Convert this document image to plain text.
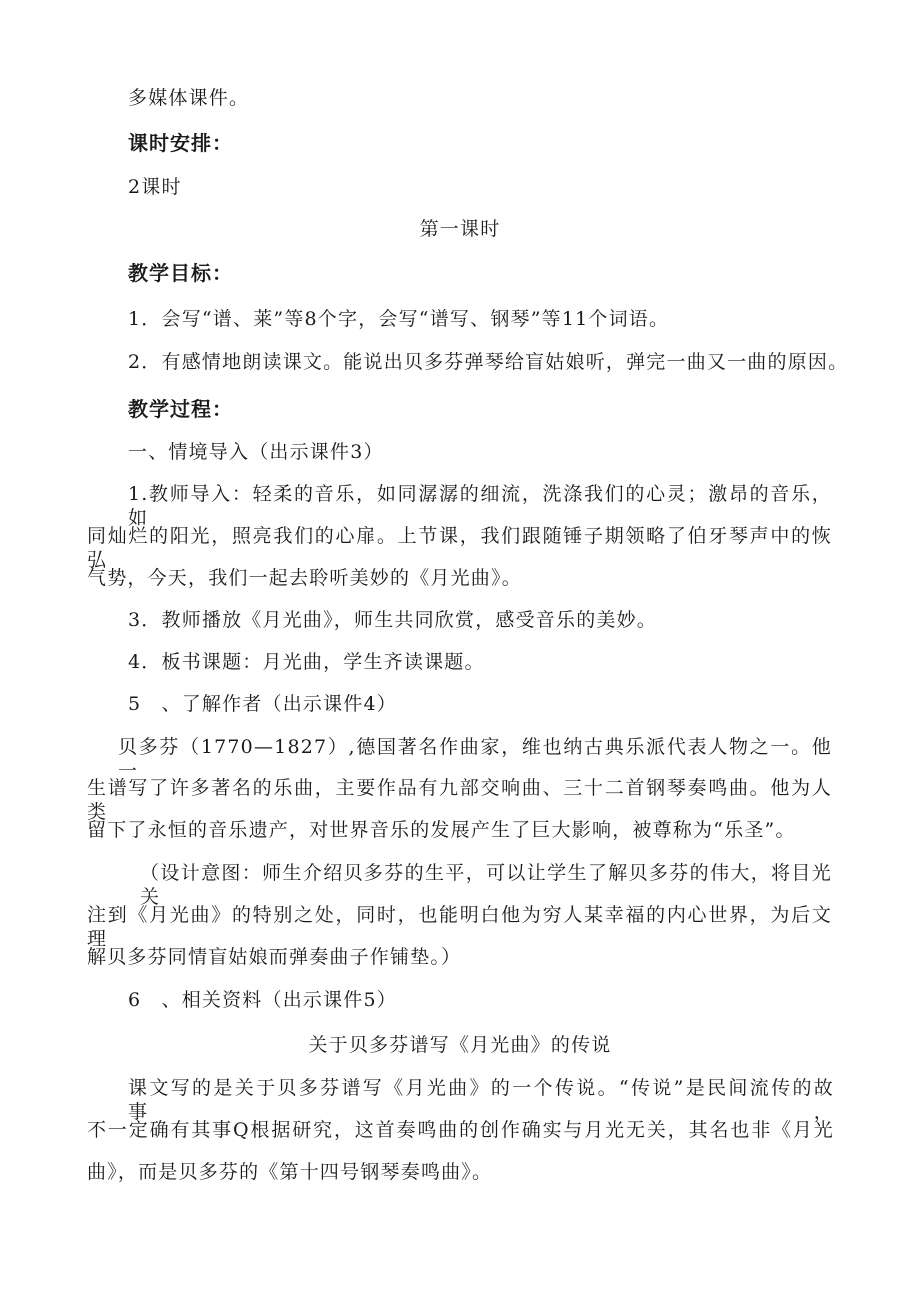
多媒体课件。
课时安排：
2课时
第一课时
教学目标：
1．会写“谱、莱”等8个字，会写“谱写、钢琴”等11个词语。
2．有感情地朗读课文。能说出贝多芬弹琴给盲姑娘听，弹完一曲又一曲的原因。
教学过程：
一、情境导入（出示课件3）
1.教师导入：轻柔的音乐，如同潺潺的细流，洗涤我们的心灵；激昂的音乐，如
同灿烂的阳光，照亮我们的心扉。上节课，我们跟随锤子期领略了伯牙琴声中的恢弘
气势，今天，我们一起去聆听美妙的《月光曲》。
3．教师播放《月光曲》，师生共同欣赏，感受音乐的美妙。
4．板书课题：月光曲，学生齐读课题。
5　、了解作者（出示课件4）
贝多芬（1770—1827）,德国著名作曲家，维也纳古典乐派代表人物之一。他一
生谱写了许多著名的乐曲，主要作品有九部交响曲、三十二首钢琴奏鸣曲。他为人类
留下了永恒的音乐遗产，对世界音乐的发展产生了巨大影响，被尊称为“乐圣”。
（设计意图：师生介绍贝多芬的生平，可以让学生了解贝多芬的伟大，将目光关
注到《月光曲》的特别之处，同时，也能明白他为穷人某幸福的内心世界，为后文理
解贝多芬同情盲姑娘而弹奏曲子作铺垫。）
6　、相关资料（出示课件5）
关于贝多芬谱写《月光曲》的传说
课文写的是关于贝多芬谱写《月光曲》的一个传说。“传说”是民间流传的故事，
不一定确有其事Q根据研究，这首奏鸣曲的创作确实与月光无关，其名也非《月光
曲》，而是贝多芬的《第十四号钢琴奏鸣曲》。
